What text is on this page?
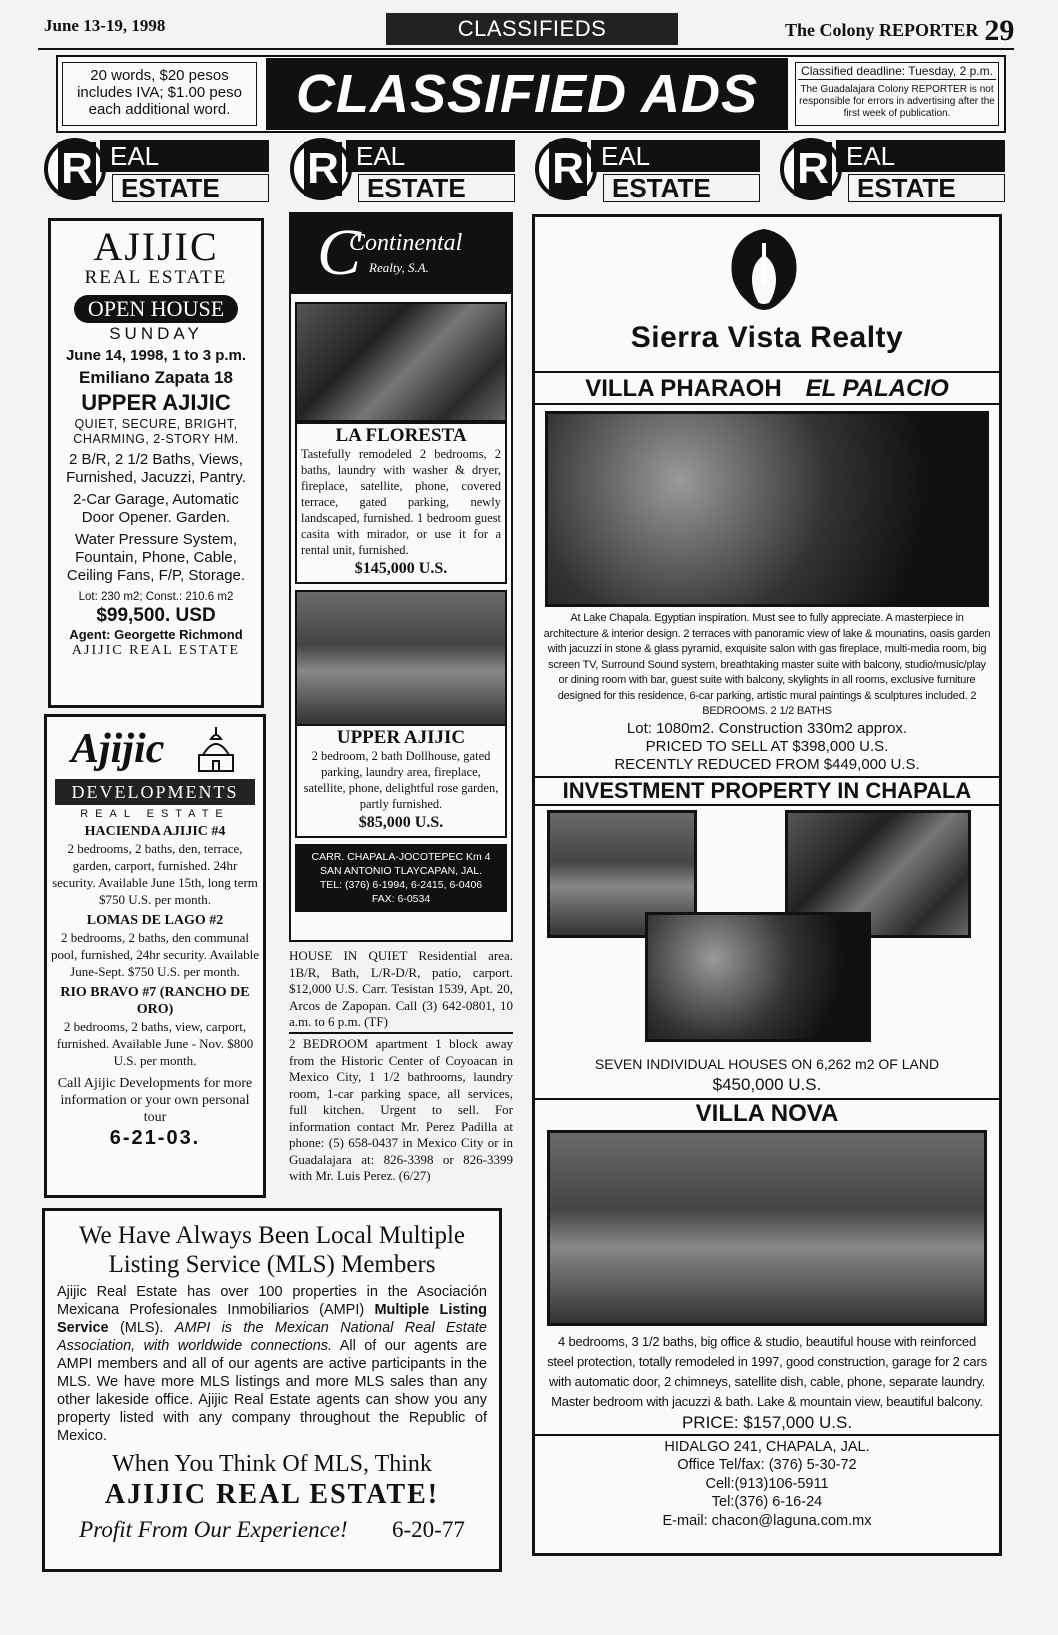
June 13-19, 1998	CLASSIFIEDS	The Colony REPORTER 29
20 words, $20 pesos includes IVA; $1.00 peso each additional word.	CLASSIFIED ADS	Classified deadline: Tuesday, 2 p.m.
The Guadalajara Colony REPORTER is not responsible for errors in advertising after the first week of publication.
R EAL
ESTATE	R EAL
ESTATE	R EAL
ESTATE	R EAL
ESTATE
AJIJIC
REAL ESTATE
OPEN HOUSE
SUNDAY
June 14, 1998, 1 to 3 p.m.
Emiliano Zapata 18
UPPER AJIJIC
QUIET, SECURE, BRIGHT, CHARMING, 2-STORY HM.
2 B/R, 2 1/2 Baths, Views, Furnished, Jacuzzi, Pantry.
2-Car Garage, Automatic Door Opener. Garden.
Water Pressure System, Fountain, Phone, Cable, Ceiling Fans, F/P, Storage.
Lot: 230 m2; Const.: 210.6 m2
$99,500. USD
Agent: Georgette Richmond
AJIJIC REAL ESTATE
Ajijic
DEVELOPMENTS
REAL ESTATE
HACIENDA AJIJIC #4
2 bedrooms, 2 baths, den, terrace, garden, carport, furnished. 24hr security. Available June 15th, long term $750 U.S. per month.
LOMAS DE LAGO #2
2 bedrooms, 2 baths, den communal pool, furnished, 24hr security. Available June-Sept. $750 U.S. per month.
RIO BRAVO #7 (RANCHO DE ORO)
2 bedrooms, 2 baths, view, carport, furnished. Available June - Nov. $800 U.S. per month.
Call Ajijic Developments for more information or your own personal tour
6-21-03.
C
Continental
Realty, S.A.
LA FLORESTA
Tastefully remodeled 2 bedrooms, 2 baths, laundry with washer & dryer, fireplace, satellite, phone, covered terrace, gated parking, newly landscaped, furnished. 1 bedroom guest casita with mirador, or use it for a rental unit, furnished.
$145,000 U.S.
UPPER AJIJIC
2 bedroom, 2 bath Dollhouse, gated parking, laundry area, fireplace, satellite, phone, delightful rose garden, partly furnished.
$85,000 U.S.
CARR. CHAPALA-JOCOTEPEC Km 4
SAN ANTONIO TLAYCAPAN, JAL.
TEL: (376) 6-1994, 6-2415, 6-0406
FAX: 6-0534
HOUSE IN QUIET Residential area. 1B/R, Bath, L/R-D/R, patio, carport. $12,000 U.S. Carr. Tesistan 1539, Apt. 20, Arcos de Zapopan. Call (3) 642-0801, 10 a.m. to 6 p.m. (TF)
2 BEDROOM apartment 1 block away from the Historic Center of Coyoacan in Mexico City, 1 1/2 bathrooms, laundry room, 1-car parking space, all services, full kitchen. Urgent to sell. For information contact Mr. Perez Padilla at phone: (5) 658-0437 in Mexico City or in Guadalajara at: 826-3398 or 826-3399 with Mr. Luis Perez. (6/27)
We Have Always Been Local Multiple Listing Service (MLS) Members
Ajijic Real Estate has over 100 properties in the Asociación Mexicana Profesionales Inmobiliarios (AMPI) Multiple Listing Service (MLS). AMPI is the Mexican National Real Estate Association, with worldwide connections. All of our agents are AMPI members and all of our agents are active participants in the MLS. We have more MLS listings and more MLS sales than any other lakeside office. Ajijic Real Estate agents can show you any property listed with any company throughout the Republic of Mexico.
When You Think Of MLS, Think
AJIJIC REAL ESTATE!
Profit From Our Experience! 6-20-77
Sierra Vista Realty
VILLA PHARAOH EL PALACIO
At Lake Chapala. Egyptian inspiration. Must see to fully appreciate. A masterpiece in architecture & interior design. 2 terraces with panoramic view of lake & mounatins, oasis garden with jacuzzi in stone & glass pyramid, exquisite salon with gas fireplace, multi-media room, big screen TV, Surround Sound system, breathtaking master suite with balcony, studio/music/play or dining room with bar, guest suite with balcony, skylights in all rooms, exclusive furniture designed for this residence, 6-car parking, artistic mural paintings & sculptures included. 2 BEDROOMS. 2 1/2 BATHS
Lot: 1080m2. Construction 330m2 approx.
PRICED TO SELL AT $398,000 U.S.
RECENTLY REDUCED FROM $449,000 U.S.
INVESTMENT PROPERTY IN CHAPALA
SEVEN INDIVIDUAL HOUSES ON 6,262 m2 OF LAND
$450,000 U.S.
VILLA NOVA
4 bedrooms, 3 1/2 baths, big office & studio, beautiful house with reinforced steel protection, totally remodeled in 1997, good construction, garage for 2 cars with automatic door, 2 chimneys, satellite dish, cable, phone, separate laundry. Master bedroom with jacuzzi & bath. Lake & mountain view, beautiful balcony.
PRICE: $157,000 U.S.
HIDALGO 241, CHAPALA, JAL.
Office Tel/fax: (376) 5-30-72
Cell:(913)106-5911
Tel:(376) 6-16-24
E-mail: chacon@laguna.com.mx
